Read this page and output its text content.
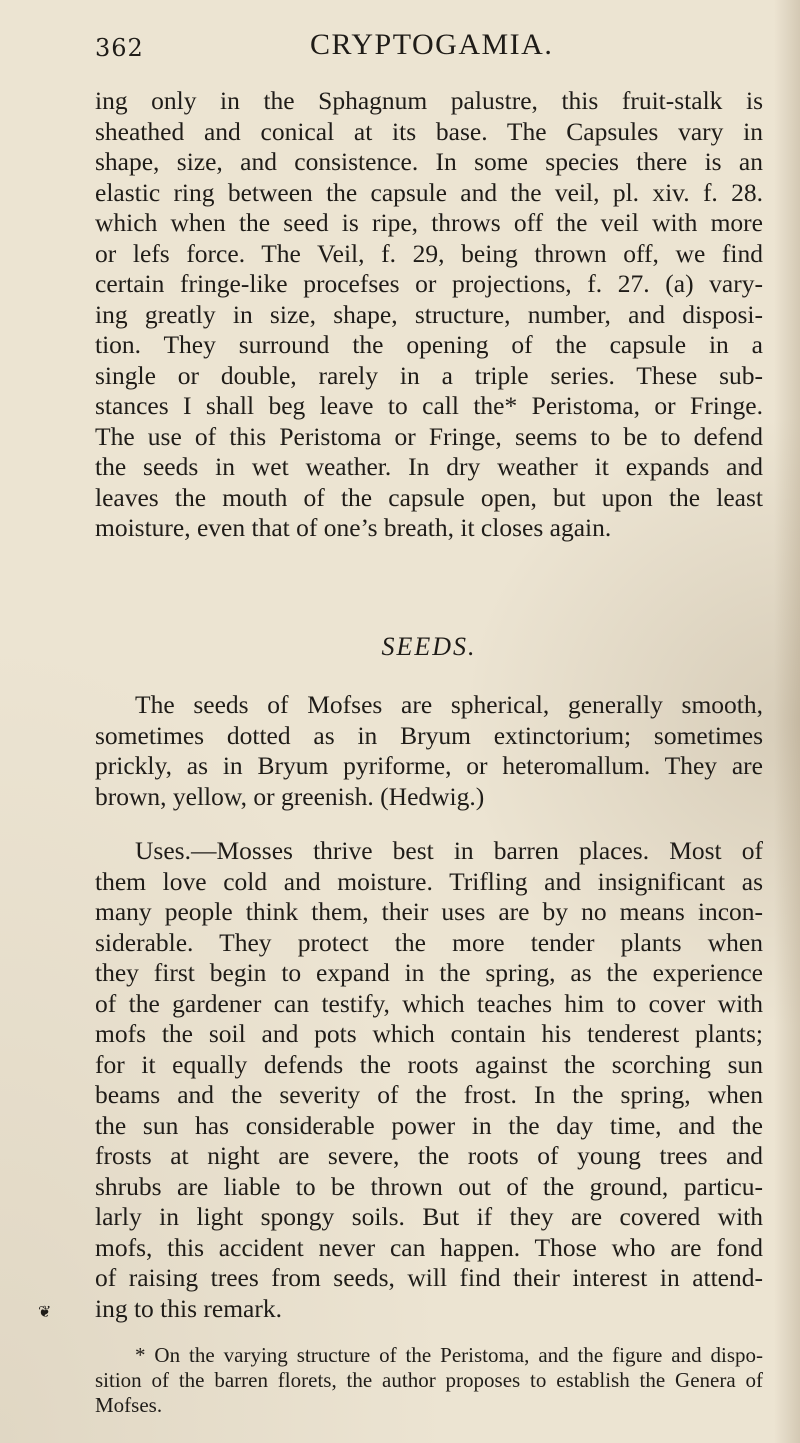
362	CRYPTOGAMIA.

ing only in the Sphagnum palustre, this fruit-stalk is
sheathed and conical at its base. The Capsules vary in
shape, size, and consistence. In some species there is an
elastic ring between the capsule and the veil, pl. xiv. f. 28.
which when the seed is ripe, throws off the veil with more
or lefs force. The Veil, f. 29, being thrown off, we find
certain fringe-like procefses or projections, f. 27. (a) vary-
ing greatly in size, shape, structure, number, and disposi-
tion. They surround the opening of the capsule in a
single or double, rarely in a triple series. These sub-
stances I shall beg leave to call the* Peristoma, or Fringe.
The use of this Peristoma or Fringe, seems to be to defend
the seeds in wet weather. In dry weather it expands and
leaves the mouth of the capsule open, but upon the least
moisture, even that of one’s breath, it closes again.

SEEDS.

The seeds of Mofses are spherical, generally smooth,
sometimes dotted as in Bryum extinctorium; sometimes
prickly, as in Bryum pyriforme, or heteromallum. They are
brown, yellow, or greenish. (Hedwig.)

Uses.—Mosses thrive best in barren places. Most of
them love cold and moisture. Trifling and insignificant as
many people think them, their uses are by no means incon-
siderable. They protect the more tender plants when
they first begin to expand in the spring, as the experience
of the gardener can testify, which teaches him to cover with
mofs the soil and pots which contain his tenderest plants;
for it equally defends the roots against the scorching sun
beams and the severity of the frost. In the spring, when
the sun has considerable power in the day time, and the
frosts at night are severe, the roots of young trees and
shrubs are liable to be thrown out of the ground, particu-
larly in light spongy soils. But if they are covered with
mofs, this accident never can happen. Those who are fond
of raising trees from seeds, will find their interest in attend-
ing to this remark.

* On the varying structure of the Peristoma, and the figure and dispo-
sition of the barren florets, the author proposes to establish the Genera of
Mofses.
❦
